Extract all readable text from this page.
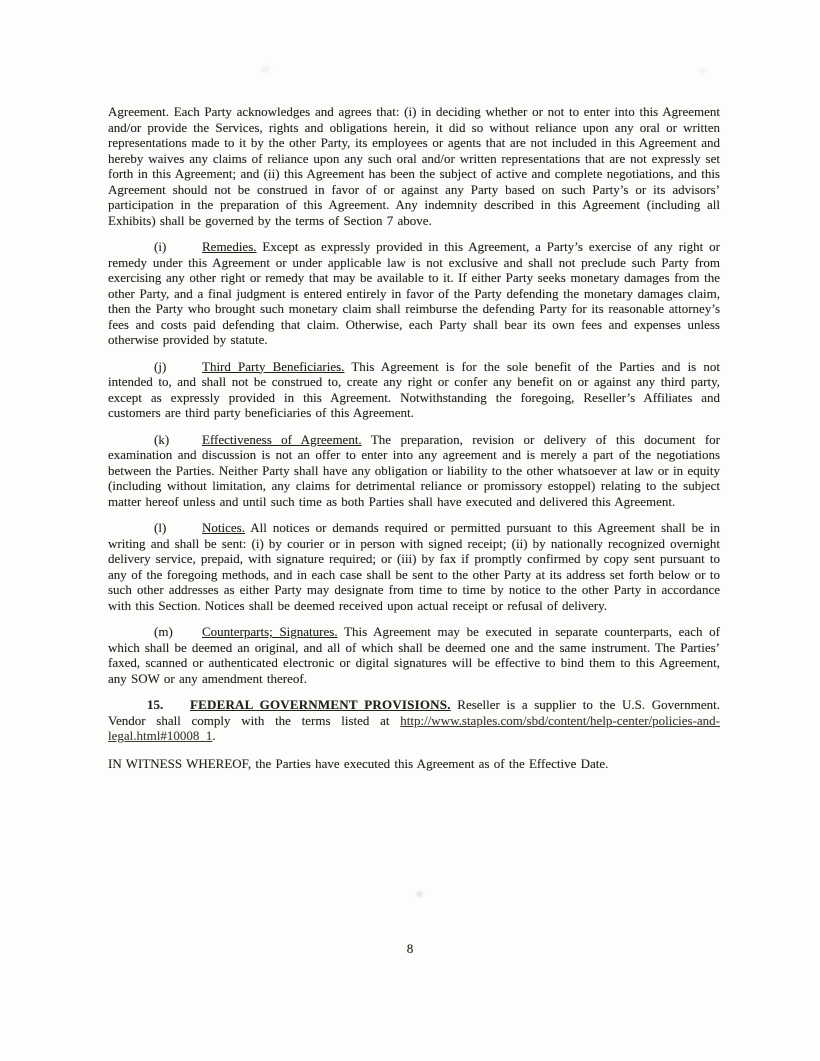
Agreement. Each Party acknowledges and agrees that: (i) in deciding whether or not to enter into this Agreement and/or provide the Services, rights and obligations herein, it did so without reliance upon any oral or written representations made to it by the other Party, its employees or agents that are not included in this Agreement and hereby waives any claims of reliance upon any such oral and/or written representations that are not expressly set forth in this Agreement; and (ii) this Agreement has been the subject of active and complete negotiations, and this Agreement should not be construed in favor of or against any Party based on such Party’s or its advisors’ participation in the preparation of this Agreement. Any indemnity described in this Agreement (including all Exhibits) shall be governed by the terms of Section 7 above.

(i)	Remedies. Except as expressly provided in this Agreement, a Party’s exercise of any right or remedy under this Agreement or under applicable law is not exclusive and shall not preclude such Party from exercising any other right or remedy that may be available to it. If either Party seeks monetary damages from the other Party, and a final judgment is entered entirely in favor of the Party defending the monetary damages claim, then the Party who brought such monetary claim shall reimburse the defending Party for its reasonable attorney’s fees and costs paid defending that claim. Otherwise, each Party shall bear its own fees and expenses unless otherwise provided by statute.

(j)	Third Party Beneficiaries. This Agreement is for the sole benefit of the Parties and is not intended to, and shall not be construed to, create any right or confer any benefit on or against any third party, except as expressly provided in this Agreement. Notwithstanding the foregoing, Reseller’s Affiliates and customers are third party beneficiaries of this Agreement.

(k)	Effectiveness of Agreement. The preparation, revision or delivery of this document for examination and discussion is not an offer to enter into any agreement and is merely a part of the negotiations between the Parties. Neither Party shall have any obligation or liability to the other whatsoever at law or in equity (including without limitation, any claims for detrimental reliance or promissory estoppel) relating to the subject matter hereof unless and until such time as both Parties shall have executed and delivered this Agreement.

(l)	Notices. All notices or demands required or permitted pursuant to this Agreement shall be in writing and shall be sent: (i) by courier or in person with signed receipt; (ii) by nationally recognized overnight delivery service, prepaid, with signature required; or (iii) by fax if promptly confirmed by copy sent pursuant to any of the foregoing methods, and in each case shall be sent to the other Party at its address set forth below or to such other addresses as either Party may designate from time to time by notice to the other Party in accordance with this Section. Notices shall be deemed received upon actual receipt or refusal of delivery.

(m) Counterparts; Signatures. This Agreement may be executed in separate counterparts, each of which shall be deemed an original, and all of which shall be deemed one and the same instrument. The Parties’ faxed, scanned or authenticated electronic or digital signatures will be effective to bind them to this Agreement, any SOW or any amendment thereof.

15. FEDERAL GOVERNMENT PROVISIONS. Reseller is a supplier to the U.S. Government. Vendor shall comply with the terms listed at http://www.staples.com/sbd/content/help-center/policies-and-legal.html#10008_1.

IN WITNESS WHEREOF, the Parties have executed this Agreement as of the Effective Date.

8
